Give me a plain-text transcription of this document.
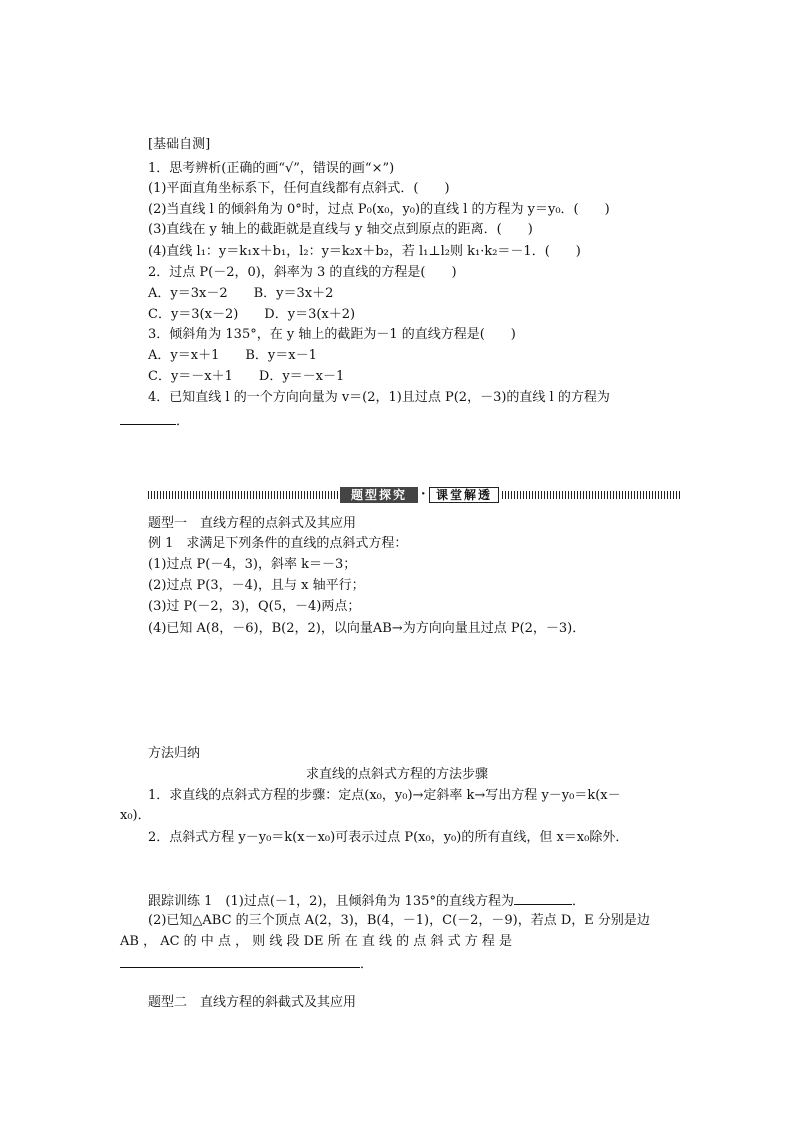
[基础自测]
1．思考辨析(正确的画“√”，错误的画“×”)
(1)平面直角坐标系下，任何直线都有点斜式．(　　)
(2)当直线 l 的倾斜角为 0°时，过点 P₀(x₀，y₀)的直线 l 的方程为 y＝y₀．(　　)
(3)直线在 y 轴上的截距就是直线与 y 轴交点到原点的距离．(　　)
(4)直线 l₁：y＝k₁x＋b₁，l₂：y＝k₂x＋b₂，若 l₁⊥l₂则 k₁·k₂＝－1．(　　)
2．过点 P(－2，0)，斜率为 3 的直线的方程是(　　)
A．y＝3x－2　　B．y＝3x＋2
C．y＝3(x－2)　　D．y＝3(x＋2)
3．倾斜角为 135°，在 y 轴上的截距为－1 的直线方程是(　　)
A．y＝x＋1　　B．y＝x－1
C．y＝－x＋1　　D．y＝－x－1
4．已知直线 l 的一个方向向量为 v＝(2，1)且过点 P(2，－3)的直线 l 的方程为
．
题型探究	· 课堂解透
题型一　直线方程的点斜式及其应用
例 1　求满足下列条件的直线的点斜式方程：
(1)过点 P(－4，3)，斜率 k＝－3；
(2)过点 P(3，－4)，且与 x 轴平行；
(3)过 P(－2，3)，Q(5，－4)两点；
(4)已知 A(8，－6)，B(2，2)，以向量AB→为方向向量且过点 P(2，－3)．
方法归纳
求直线的点斜式方程的方法步骤
1．求直线的点斜式方程的步骤：定点(x₀，y₀)→定斜率 k→写出方程 y－y₀＝k(x－
x₀)．
2．点斜式方程 y－y₀＝k(x－x₀)可表示过点 P(x₀，y₀)的所有直线，但 x＝x₀除外．
跟踪训练 1　(1)过点(－1，2)，且倾斜角为 135°的直线方程为	．
(2)已知△ABC 的三个顶点 A(2，3)，B(4，－1)，C(－2，－9)，若点 D，E 分别是边
AB ， AC 的 中 点 ， 则 线 段 DE 所 在 直 线 的 点 斜 式 方 程 是
．
题型二　直线方程的斜截式及其应用
